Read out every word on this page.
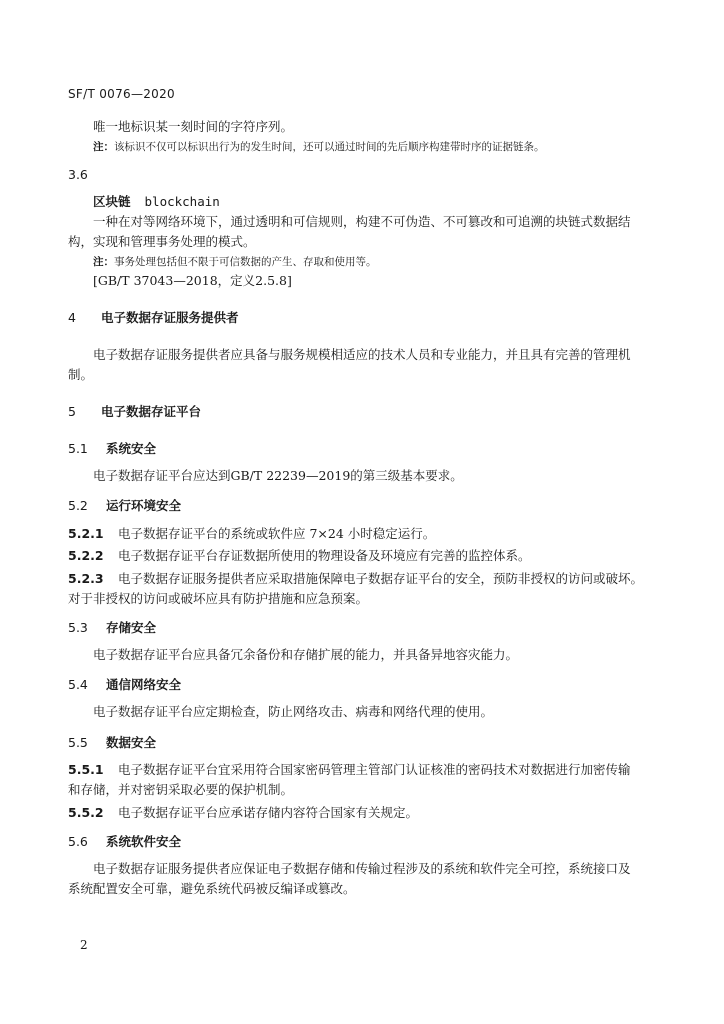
SF/T 0076—2020
唯一地标识某一刻时间的字符序列。
注：该标识不仅可以标识出行为的发生时间，还可以通过时间的先后顺序构建带时序的证据链条。
3.6
区块链 blockchain
一种在对等网络环境下，通过透明和可信规则，构建不可伪造、不可篡改和可追溯的块链式数据结
构，实现和管理事务处理的模式。
注：事务处理包括但不限于可信数据的产生、存取和使用等。
[GB/T 37043—2018，定义2.5.8]
4 电子数据存证服务提供者
电子数据存证服务提供者应具备与服务规模相适应的技术人员和专业能力，并且具有完善的管理机
制。
5 电子数据存证平台
5.1 系统安全
电子数据存证平台应达到GB/T 22239—2019的第三级基本要求。
5.2 运行环境安全
5.2.1 电子数据存证平台的系统或软件应 7×24 小时稳定运行。
5.2.2 电子数据存证平台存证数据所使用的物理设备及环境应有完善的监控体系。
5.2.3 电子数据存证服务提供者应采取措施保障电子数据存证平台的安全，预防非授权的访问或破坏。
对于非授权的访问或破坏应具有防护措施和应急预案。
5.3 存储安全
电子数据存证平台应具备冗余备份和存储扩展的能力，并具备异地容灾能力。
5.4 通信网络安全
电子数据存证平台应定期检查，防止网络攻击、病毒和网络代理的使用。
5.5 数据安全
5.5.1 电子数据存证平台宜采用符合国家密码管理主管部门认证核准的密码技术对数据进行加密传输
和存储，并对密钥采取必要的保护机制。
5.5.2 电子数据存证平台应承诺存储内容符合国家有关规定。
5.6 系统软件安全
电子数据存证服务提供者应保证电子数据存储和传输过程涉及的系统和软件完全可控，系统接口及
系统配置安全可靠，避免系统代码被反编译或篡改。
2
